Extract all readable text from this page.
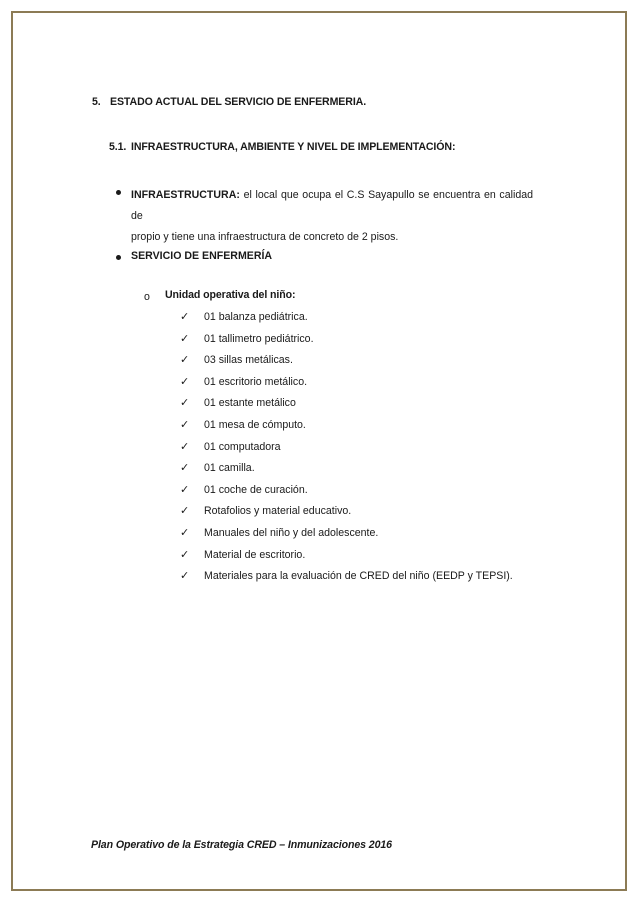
5. ESTADO ACTUAL DEL SERVICIO DE ENFERMERIA.
5.1. INFRAESTRUCTURA, AMBIENTE Y NIVEL DE IMPLEMENTACIÓN:
INFRAESTRUCTURA: el local que ocupa el C.S Sayapullo se encuentra en calidad de
propio y tiene una infraestructura de concreto de 2 pisos.
SERVICIO DE ENFERMERÍA
o Unidad operativa del niño:
✓ 01 balanza pediátrica.
✓ 01 tallimetro pediátrico.
✓ 03 sillas metálicas.
✓ 01 escritorio metálico.
✓ 01 estante metálico
✓ 01 mesa de cómputo.
✓ 01 computadora
✓ 01 camilla.
✓ 01 coche de curación.
✓ Rotafolios y material educativo.
✓ Manuales del niño y del adolescente.
✓ Material de escritorio.
✓ Materiales para la evaluación de CRED del niño (EEDP y TEPSI).
Plan Operativo de la Estrategia CRED – Inmunizaciones 2016
